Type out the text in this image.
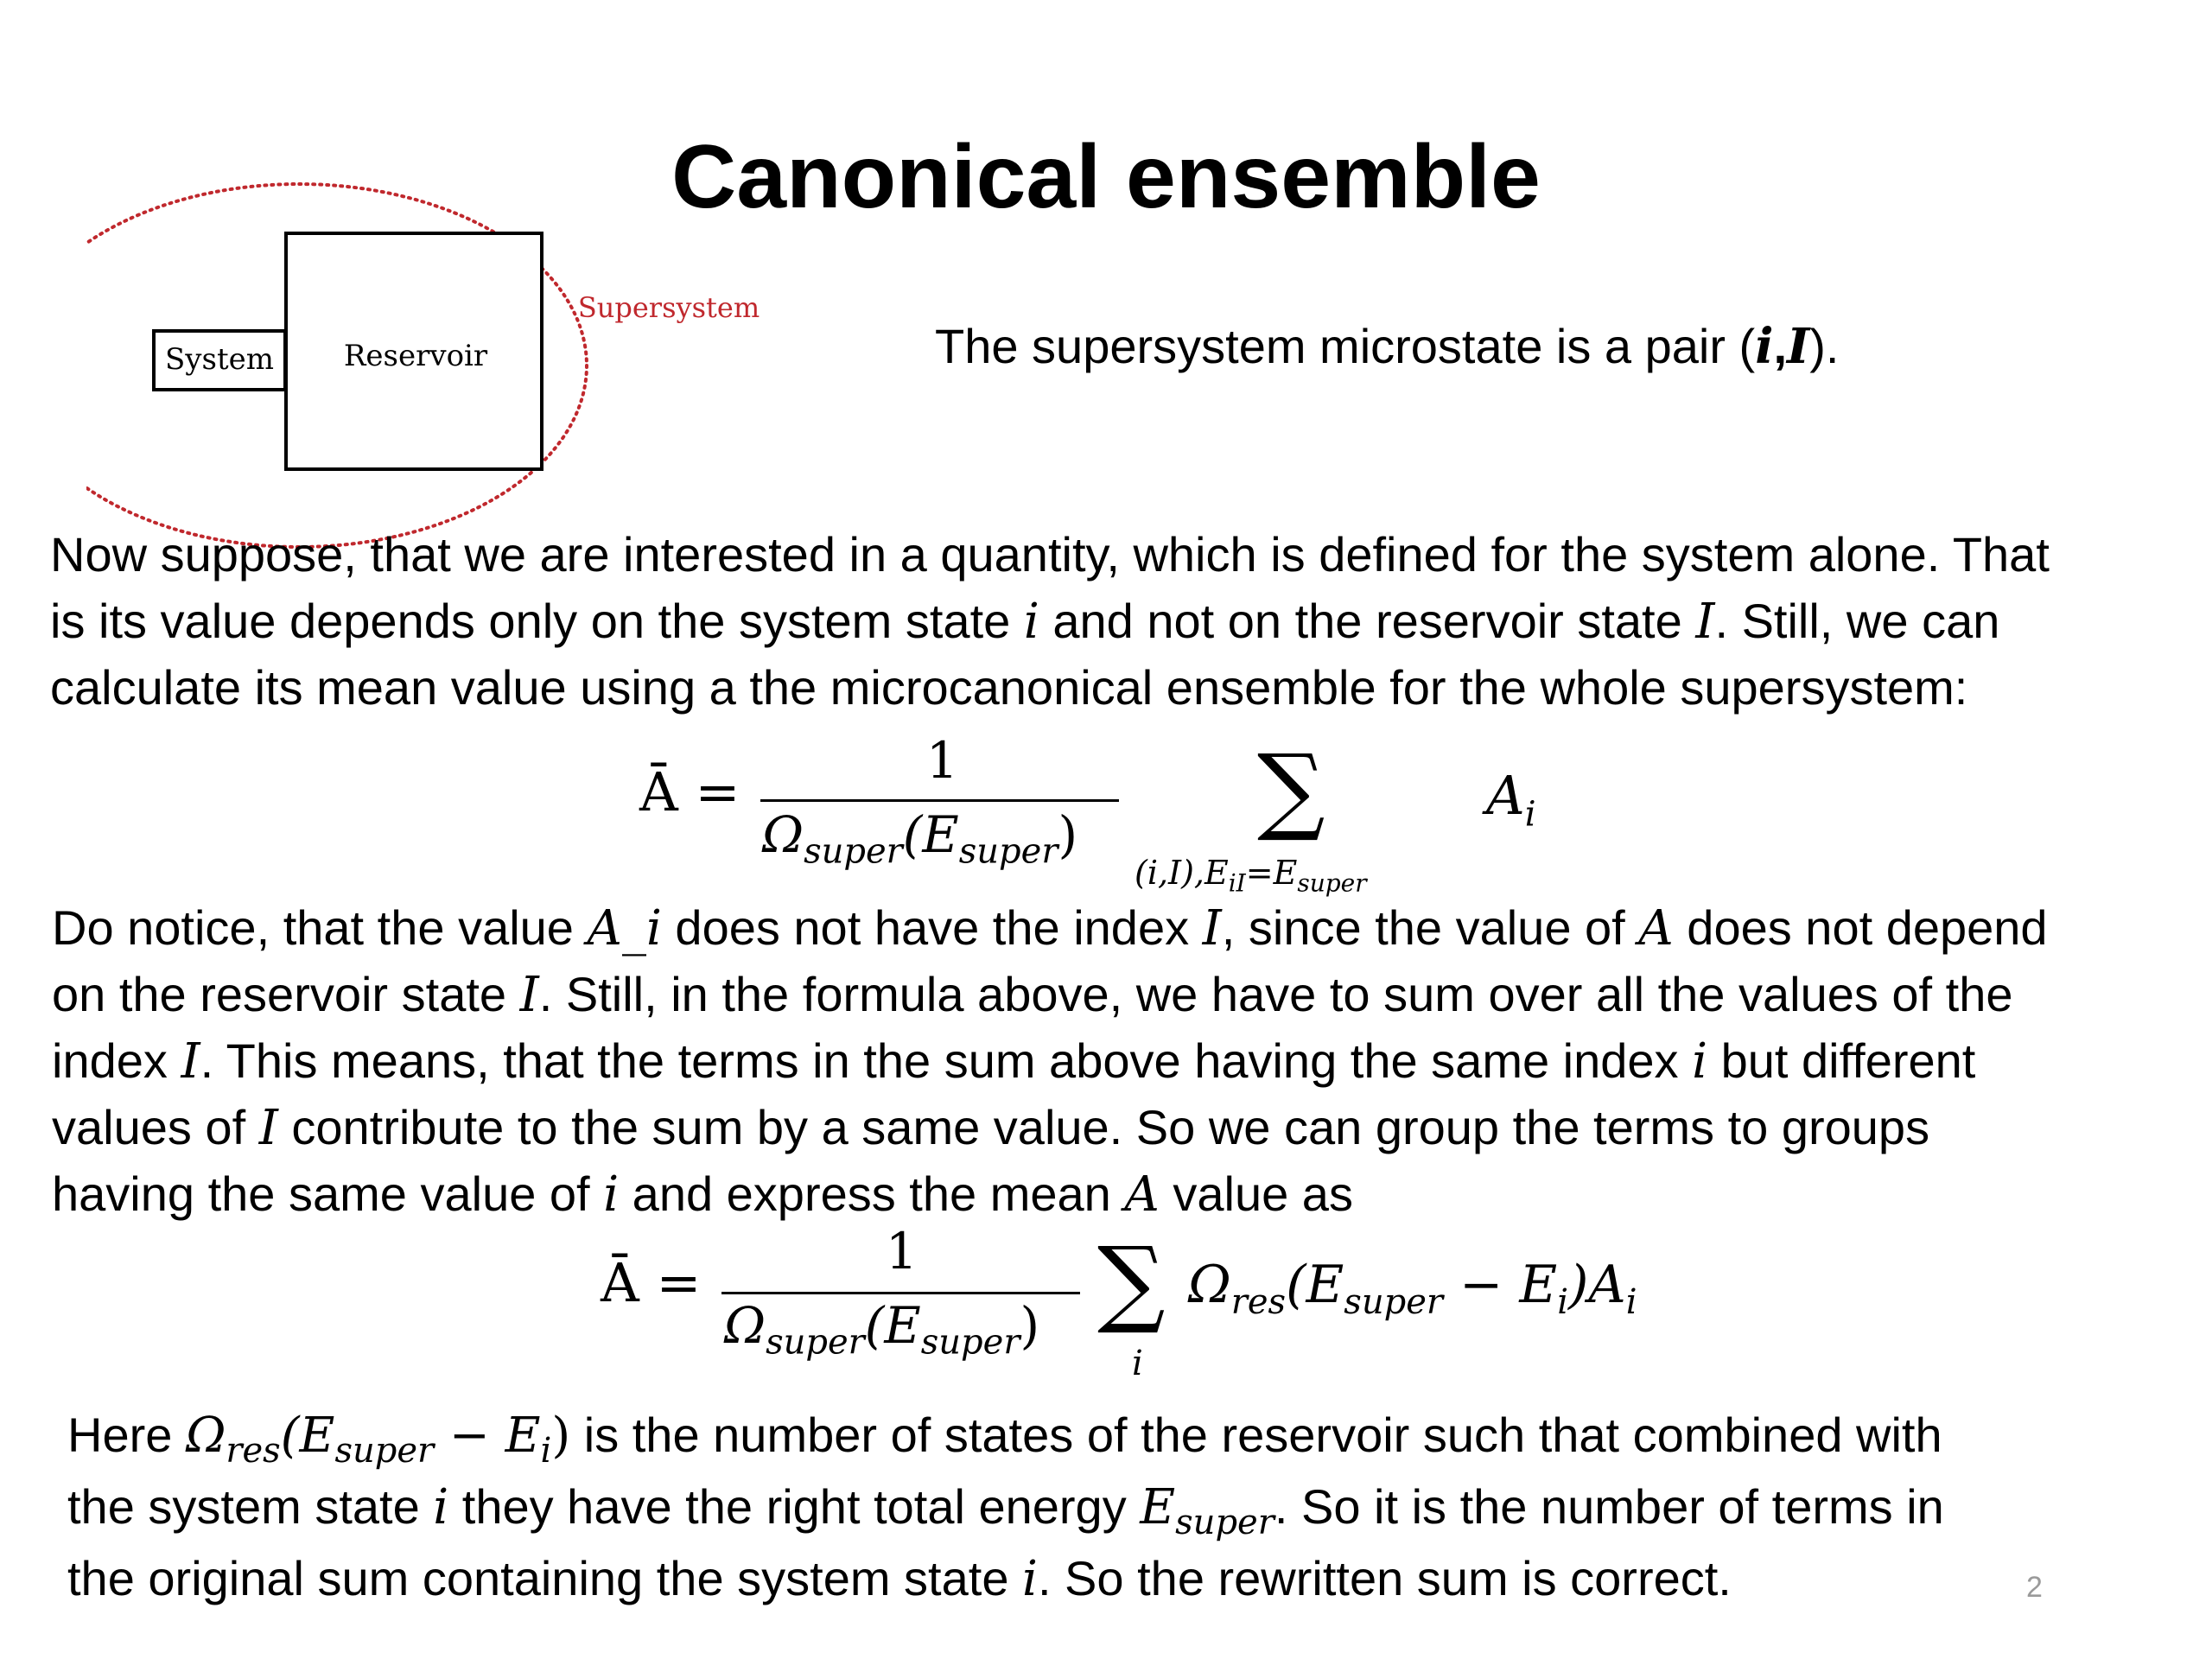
Canonical ensemble
System Reservoir
Supersystem
The supersystem microstate is a pair (i,I).
Now suppose, that we are interested in a quantity, which is defined for the system alone. That
is its value depends only on the system state i and not on the reservoir state I. Still, we can
calculate its mean value using a the microcanonical ensemble for the whole supersystem:
Ā =	1
$\Omega_{super}(E_{super})$ ∑
$(i,I),E_{iI}=E_{super}$
$A_i$
Do notice, that the value A_i does not have the index I, since the value of A does not depend
on the reservoir state I. Still, in the formula above, we have to sum over all the values of the
index I. This means, that the terms in the sum above having the same index i but different
values of I contribute to the sum by a same value. So we can group the terms to groups
having the same value of i and express the mean A value as
Ā =	1
$\Omega_{super}(E_{super})$ ∑
i
$\Omega_{res}(E_{super} - E_i)A_i$
Here $\Omega_{res}(E_{super} - E_i)$ is the number of states of the reservoir such that combined with
the system state i they have the right total energy $E_{super}$. So it is the number of terms in
the original sum containing the system state i. So the rewritten sum is correct.	2
